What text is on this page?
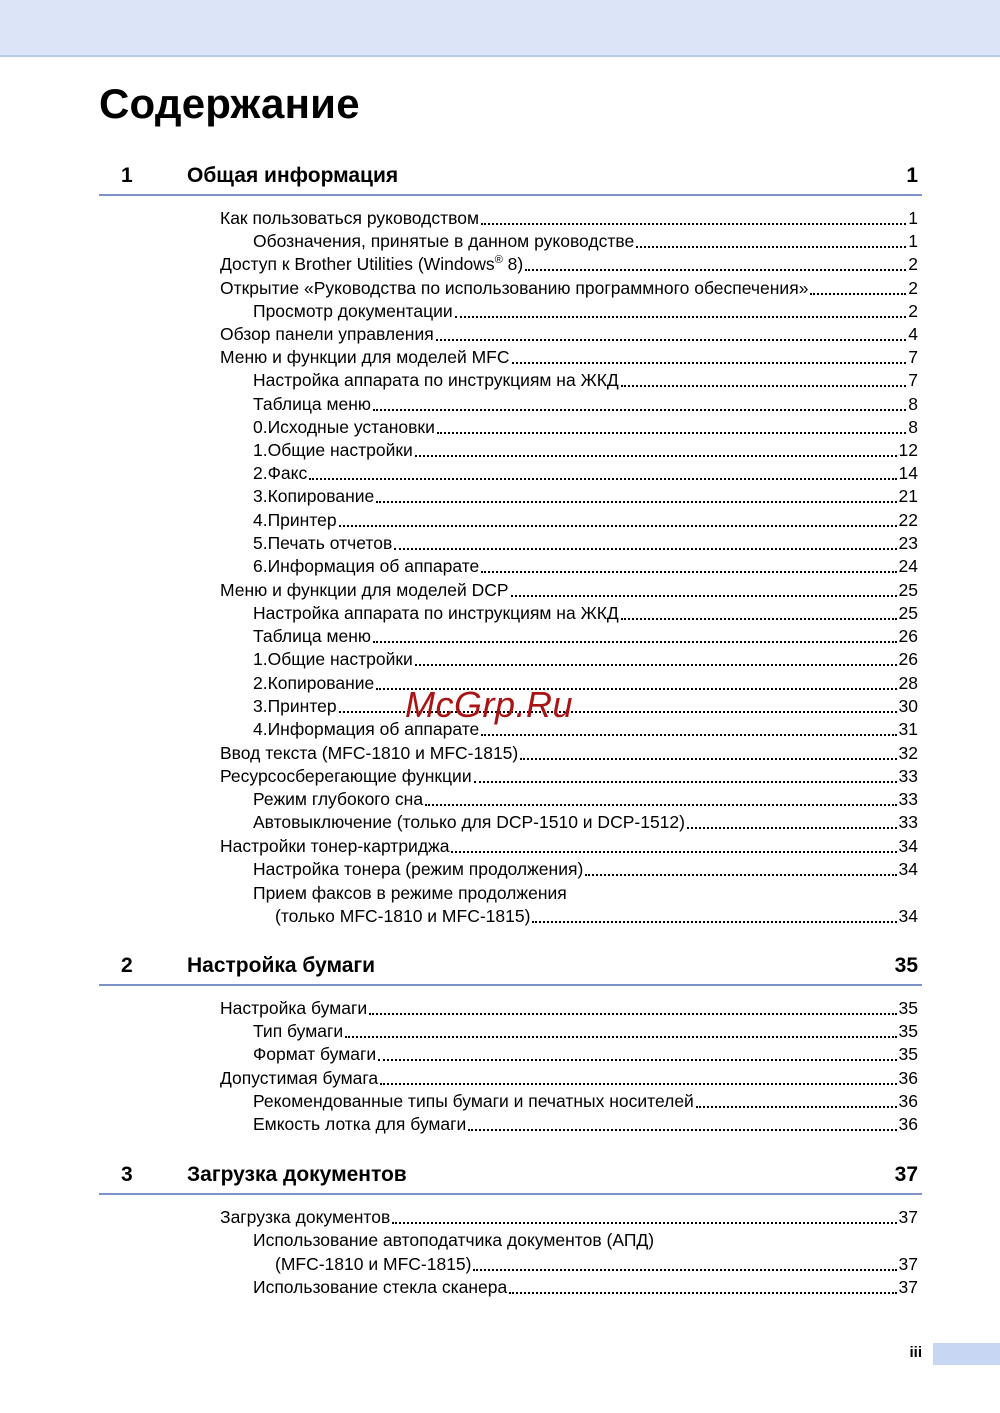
Содержание
1	Общая информация	1
Как пользоваться руководством	1
Обозначения, принятые в данном руководстве	1
Доступ к Brother Utilities (Windows® 8)	2
Открытие «Руководства по использованию программного обеспечения»	2
Просмотр документации	2
Обзор панели управления	4
Меню и функции для моделей MFC	7
Настройка аппарата по инструкциям на ЖКД	7
Таблица меню	8
0.Исходные установки	8
1.Общие настройки	12
2.Факс	14
3.Копирование	21
4.Принтер	22
5.Печать отчетов	23
6.Информация об аппарате	24
Меню и функции для моделей DCP	25
Настройка аппарата по инструкциям на ЖКД	25
Таблица меню	26
1.Общие настройки	26
2.Копирование	28
3.Принтер	30
4.Информация об аппарате	31
Ввод текста (MFC-1810 и MFC-1815)	32
Ресурсосберегающие функции	33
Режим глубокого сна	33
Автовыключение (только для DCP-1510 и DCP-1512)	33
Настройки тонер-картриджа	34
Настройка тонера (режим продолжения)	34
Прием факсов в режиме продолжения
(только MFC-1810 и MFC-1815)	34
2	Настройка бумаги	35
Настройка бумаги	35
Тип бумаги	35
Формат бумаги	35
Допустимая бумага	36
Рекомендованные типы бумаги и печатных носителей	36
Емкость лотка для бумаги	36
3	Загрузка документов	37
Загрузка документов	37
Использование автоподатчика документов (АПД)
(MFC-1810 и MFC-1815)	37
Использование стекла сканера	37
McGrp.Ru
iii
